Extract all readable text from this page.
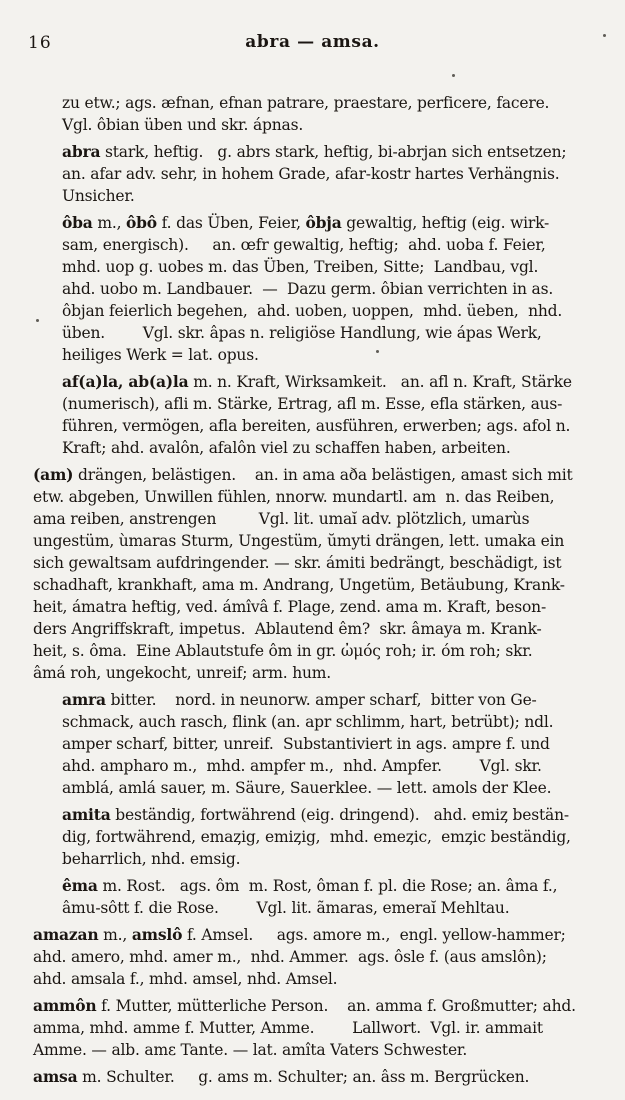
16	abra — amsa.
zu etw.; ags. æfnan, efnan patrare, praestare, perficere, facere.
Vgl. ôbian üben und skr. ápnas.
abra stark, heftig.   g. abrs stark, heftig, bi-abrjan sich entsetzen;
an. afar adv. sehr, in hohem Grade, afar-kostr hartes Verhängnis.
Unsicher.
ôba m., ôbô f. das Üben, Feier, ôbja gewaltig, heftig (eig. wirk-
sam, energisch).     an. œfr gewaltig, heftig;  ahd. uoba f. Feier,
mhd. uop g. uobes m. das Üben, Treiben, Sitte;  Landbau, vgl.
ahd. uobo m. Landbauer.  —  Dazu germ. ôbian verrichten in as.
ôbjan feierlich begehen,  ahd. uoben, uoppen,  mhd. üeben,  nhd.
üben.        Vgl. skr. âpas n. religiöse Handlung, wie ápas Werk,
heiliges Werk = lat. opus.
af(a)la, ab(a)la m. n. Kraft, Wirksamkeit.   an. afl n. Kraft, Stärke
(numerisch), afli m. Stärke, Ertrag, afl m. Esse, efla stärken, aus-
führen, vermögen, afla bereiten, ausführen, erwerben; ags. afol n.
Kraft; ahd. avalôn, afalôn viel zu schaffen haben, arbeiten.
(am) drängen, belästigen.    an. in ama aða belästigen, amast sich mit
etw. abgeben, Unwillen fühlen, nnorw. mundartl. am  n. das Reiben,
ama reiben, anstrengen         Vgl. lit. umaĭ adv. plötzlich, umarùs
ungestüm, ùmaras Sturm, Ungestüm, ŭmyti drängen, lett. umaka ein
sich gewaltsam aufdringender. — skr. ámiti bedrängt, beschädigt, ist
schadhaft, krankhaft, ama m. Andrang, Ungetüm, Betäubung, Krank-
heit, ámatra heftig, ved. ámîvâ f. Plage, zend. ama m. Kraft, beson-
ders Angriffskraft, impetus.  Ablautend êm?  skr. âmaya m. Krank-
heit, s. ôma.  Eine Ablautstufe ôm in gr. ὠμός roh; ir. óm roh; skr.
âmá roh, ungekocht, unreif; arm. hum.
amra bitter.    nord. in neunorw. amper scharf,  bitter von Ge-
schmack, auch rasch, flink (an. apr schlimm, hart, betrübt); ndl.
amper scharf, bitter, unreif.  Substantiviert in ags. ampre f. und
ahd. ampharo m.,  mhd. ampfer m.,  nhd. Ampfer.        Vgl. skr.
amblá, amlá sauer, m. Säure, Sauerklee. — lett. amols der Klee.
amita beständig, fortwährend (eig. dringend).   ahd. emiȥ bestän-
dig, fortwährend, emaȥig, emiȥig,  mhd. emeȥic,  emȥic beständig,
beharrlich, nhd. emsig.
êma m. Rost.   ags. ôm  m. Rost, ôman f. pl. die Rose; an. âma f.,
âmu-sôtt f. die Rose.        Vgl. lit. ãmaras, emeraĭ Mehltau.
amazan m., amslô f. Amsel.     ags. amore m.,  engl. yellow-hammer;
ahd. amero, mhd. amer m.,  nhd. Ammer.  ags. ôsle f. (aus amslôn);
ahd. amsala f., mhd. amsel, nhd. Amsel.
ammôn f. Mutter, mütterliche Person.    an. amma f. Großmutter; ahd.
amma, mhd. amme f. Mutter, Amme.        Lallwort.  Vgl. ir. ammait
Amme. — alb. amε Tante. — lat. amîta Vaters Schwester.
amsa m. Schulter.     g. ams m. Schulter; an. âss m. Bergrücken.
